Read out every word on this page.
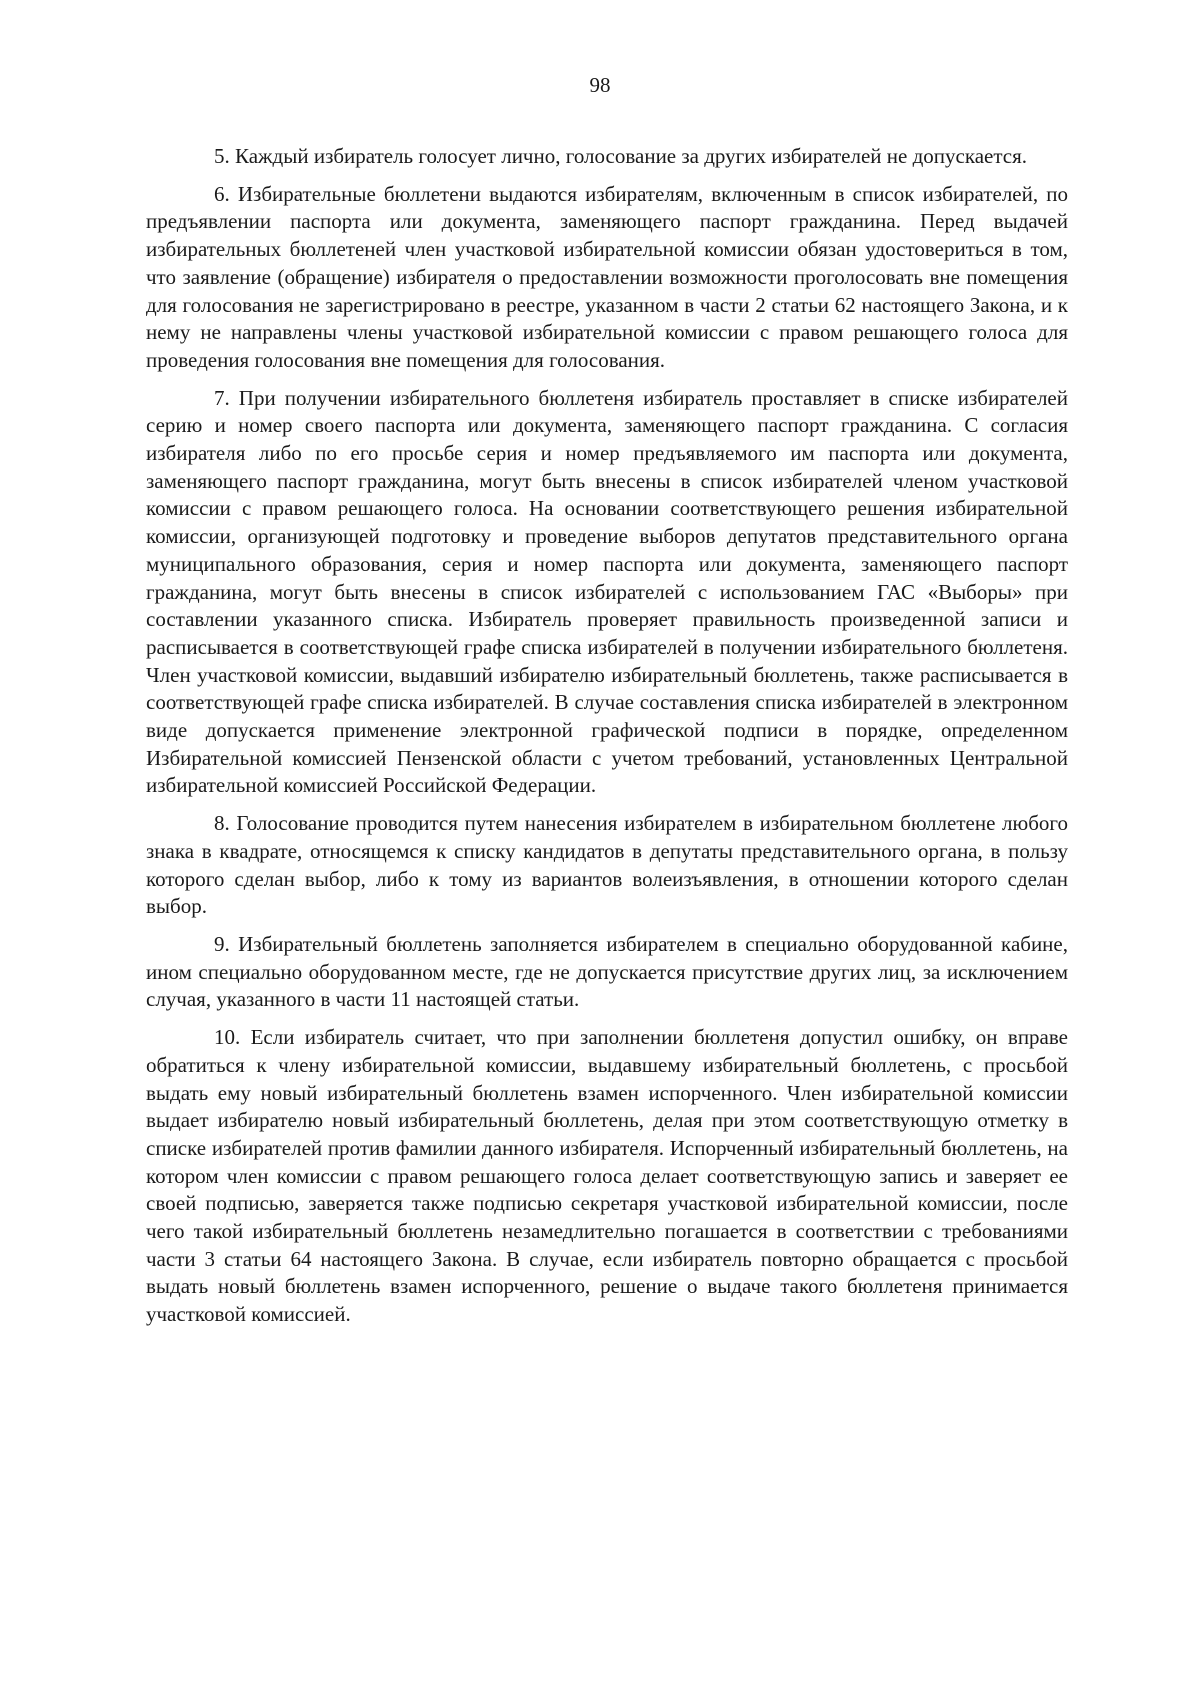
98

5. Каждый избиратель голосует лично, голосование за других избирателей не допускается.

6. Избирательные бюллетени выдаются избирателям, включенным в список избирателей, по предъявлении паспорта или документа, заменяющего паспорт гражданина. Перед выдачей избирательных бюллетеней член участковой избирательной комиссии обязан удостовериться в том, что заявление (обращение) избирателя о предоставлении возможности проголосовать вне помещения для голосования не зарегистрировано в реестре, указанном в части 2 статьи 62 настоящего Закона, и к нему не направлены члены участковой избирательной комиссии с правом решающего голоса для проведения голосования вне помещения для голосования.

7. При получении избирательного бюллетеня избиратель проставляет в списке избирателей серию и номер своего паспорта или документа, заменяющего паспорт гражданина. С согласия избирателя либо по его просьбе серия и номер предъявляемого им паспорта или документа, заменяющего паспорт гражданина, могут быть внесены в список избирателей членом участковой комиссии с правом решающего голоса. На основании соответствующего решения избирательной комиссии, организующей подготовку и проведение выборов депутатов представительного органа муниципального образования, серия и номер паспорта или документа, заменяющего паспорт гражданина, могут быть внесены в список избирателей с использованием ГАС «Выборы» при составлении указанного списка. Избиратель проверяет правильность произведенной записи и расписывается в соответствующей графе списка избирателей в получении избирательного бюллетеня. Член участковой комиссии, выдавший избирателю избирательный бюллетень, также расписывается в соответствующей графе списка избирателей. В случае составления списка избирателей в электронном виде допускается применение электронной графической подписи в порядке, определенном Избирательной комиссией Пензенской области с учетом требований, установленных Центральной избирательной комиссией Российской Федерации.

8. Голосование проводится путем нанесения избирателем в избирательном бюллетене любого знака в квадрате, относящемся к списку кандидатов в депутаты представительного органа, в пользу которого сделан выбор, либо к тому из вариантов волеизъявления, в отношении которого сделан выбор.

9. Избирательный бюллетень заполняется избирателем в специально оборудованной кабине, ином специально оборудованном месте, где не допускается присутствие других лиц, за исключением случая, указанного в части 11 настоящей статьи.

10. Если избиратель считает, что при заполнении бюллетеня допустил ошибку, он вправе обратиться к члену избирательной комиссии, выдавшему избирательный бюллетень, с просьбой выдать ему новый избирательный бюллетень взамен испорченного. Член избирательной комиссии выдает избирателю новый избирательный бюллетень, делая при этом соответствующую отметку в списке избирателей против фамилии данного избирателя. Испорченный избирательный бюллетень, на котором член комиссии с правом решающего голоса делает соответствующую запись и заверяет ее своей подписью, заверяется также подписью секретаря участковой избирательной комиссии, после чего такой избирательный бюллетень незамедлительно погашается в соответствии с требованиями части 3 статьи 64 настоящего Закона. В случае, если избиратель повторно обращается с просьбой выдать новый бюллетень взамен испорченного, решение о выдаче такого бюллетеня принимается участковой комиссией.
